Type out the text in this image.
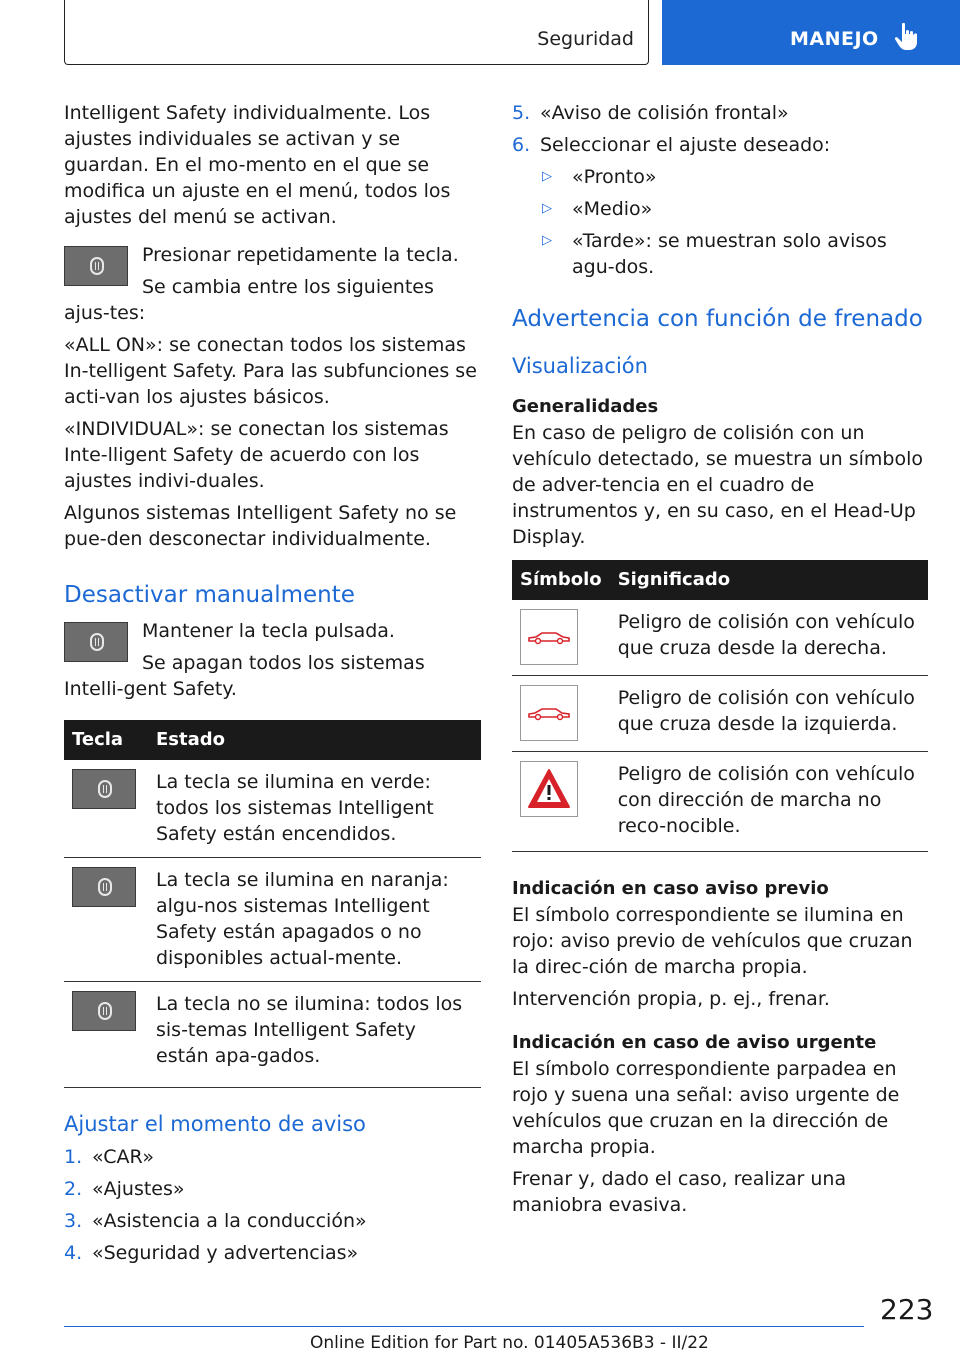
Seguridad	MANEJO

Intelligent Safety individualmente. Los ajustes individuales se activan y se guardan. En el mo-mento en el que se modifica un ajuste en el menú, todos los ajustes del menú se activan.

Presionar repetidamente la tecla.

Se cambia entre los siguientes ajus-tes:

«ALL ON»: se conectan todos los sistemas In-telligent Safety. Para las subfunciones se acti-van los ajustes básicos.

«INDIVIDUAL»: se conectan los sistemas Inte-lligent Safety de acuerdo con los ajustes indivi-duales.

Algunos sistemas Intelligent Safety no se pue-den desconectar individualmente.

Desactivar manualmente

Mantener la tecla pulsada.

Se apagan todos los sistemas Intelli-gent Safety.

Tecla	Estado

	La tecla se ilumina en verde: todos los sistemas Intelligent Safety están encendidos.

	La tecla se ilumina en naranja: algu-nos sistemas Intelligent Safety están apagados o no disponibles actual-mente.

	La tecla no se ilumina: todos los sis-temas Intelligent Safety están apa-gados.
Ajustar el momento de aviso
1. «CAR»
2. «Ajustes»
3. «Asistencia a la conducción»
4. «Seguridad y advertencias»
5. «Aviso de colisión frontal»
6. Seleccionar el ajuste deseado:
▷	«Pronto»
▷	«Medio»
▷	«Tarde»: se muestran solo avisos agu-dos.
Advertencia con función de frenado
Visualización
Generalidades

En caso de peligro de colisión con un vehículo detectado, se muestra un símbolo de adver-tencia en el cuadro de instrumentos y, en su caso, en el Head-Up Display.

Símbolo	Significado

	Peligro de colisión con vehículo que cruza desde la derecha.

	Peligro de colisión con vehículo que cruza desde la izquierda.

	Peligro de colisión con vehículo con dirección de marcha no reco-nocible.
Indicación en caso aviso previo

El símbolo correspondiente se ilumina en rojo: aviso previo de vehículos que cruzan la direc-ción de marcha propia.

Intervención propia, p. ej., frenar.

Indicación en caso de aviso urgente

El símbolo correspondiente parpadea en rojo y suena una señal: aviso urgente de vehículos que cruzan en la dirección de marcha propia.

Frenar y, dado el caso, realizar una maniobra evasiva.

223
Online Edition for Part no. 01405A536B3 - II/22
